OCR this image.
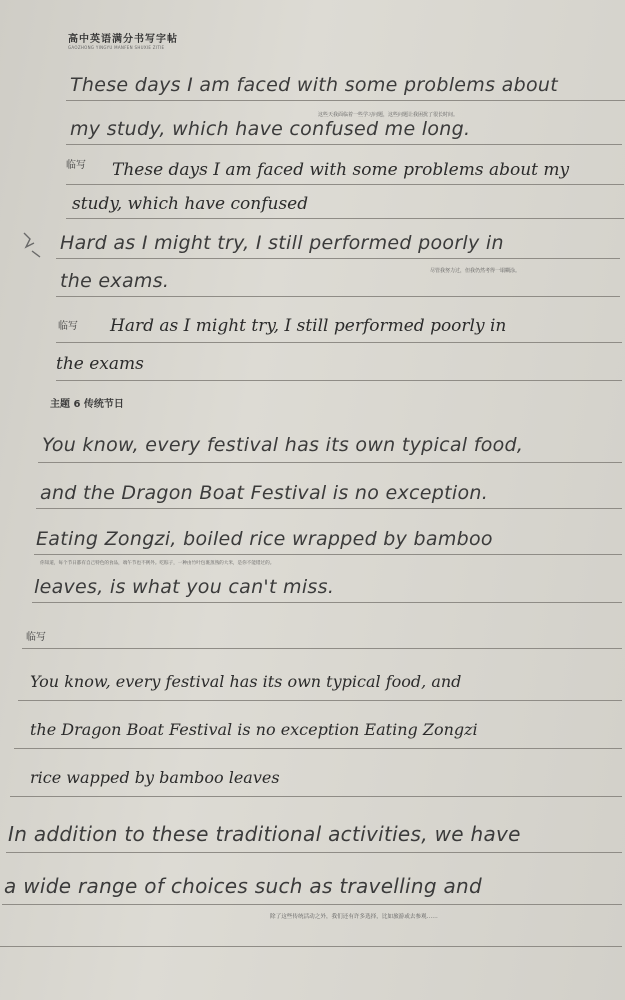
高中英语满分书写字帖
GAOZHONG YINGYU MANFEN SHUXIE ZITIE
These days I am faced with some problems about
这些天我面临着一些学习问题，这些问题让我困扰了很长时间。
my study, which have confused me long.
临写 These days I am faced with some problems about my
study, which have confused
Hard as I might try, I still performed poorly in
尽管我努力过，但我仍然考得一塌糊涂。
the exams.
临写 Hard as I might try, I still performed poorly in
the exams
主题 6 传统节日
You know, every festival has its own typical food,
and the Dragon Boat Festival is no exception.
Eating Zongzi, boiled rice wrapped by bamboo
你知道，每个节日都有自己特色的食品，端午节也不例外。吃粽子，一种由竹叶包裹蒸熟的大米，是你不能错过的。
leaves, is what you can't miss.
临写
You know, every festival has its own typical food, and
the Dragon Boat Festival is no exception Eating Zongzi
rice wapped by bamboo leaves
In addition to these traditional activities, we have
a wide range of choices such as travelling and
除了这些传统活动之外，我们还有许多选择，比如旅游或去参观……
